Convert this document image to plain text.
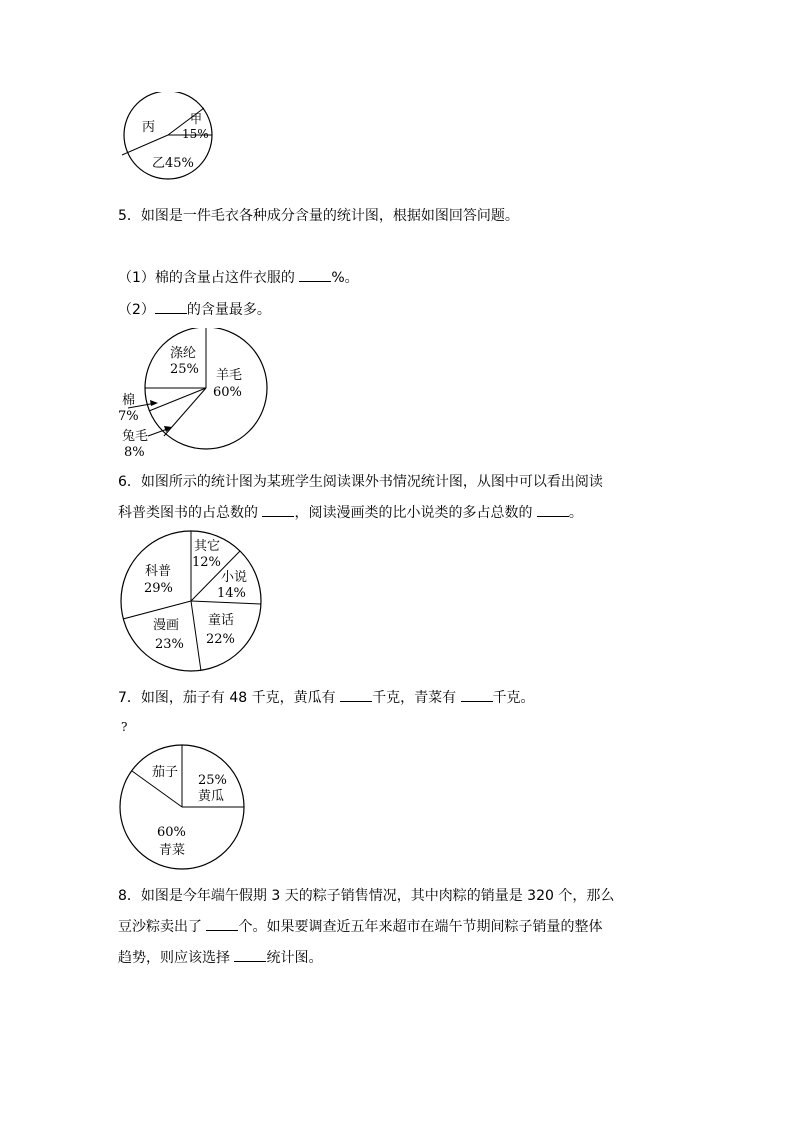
丙
甲
15%
乙45%
5．如图是一件毛衣各种成分含量的统计图，根据如图回答问题。
（1）棉的含量占这件衣服的 %。
（2） 的含量最多。
涤纶
25% 羊毛
60%
棉
7%
兔毛
8%
6．如图所示的统计图为某班学生阅读课外书情况统计图，从图中可以看出阅读
科普类图书的占总数的 ，阅读漫画类的比小说类的多占总数的 。
其它
12%
小说
14%
童话
22%
漫画
23%
科普
29%
7．如图，茄子有 48 千克，黄瓜有 千克，青菜有 千克。
?
茄子
25%
黄瓜
60%
青菜
8．如图是今年端午假期 3 天的粽子销售情况，其中肉粽的销量是 320 个，那么
豆沙粽卖出了 个。如果要调查近五年来超市在端午节期间粽子销量的整体
趋势，则应该选择 统计图。
